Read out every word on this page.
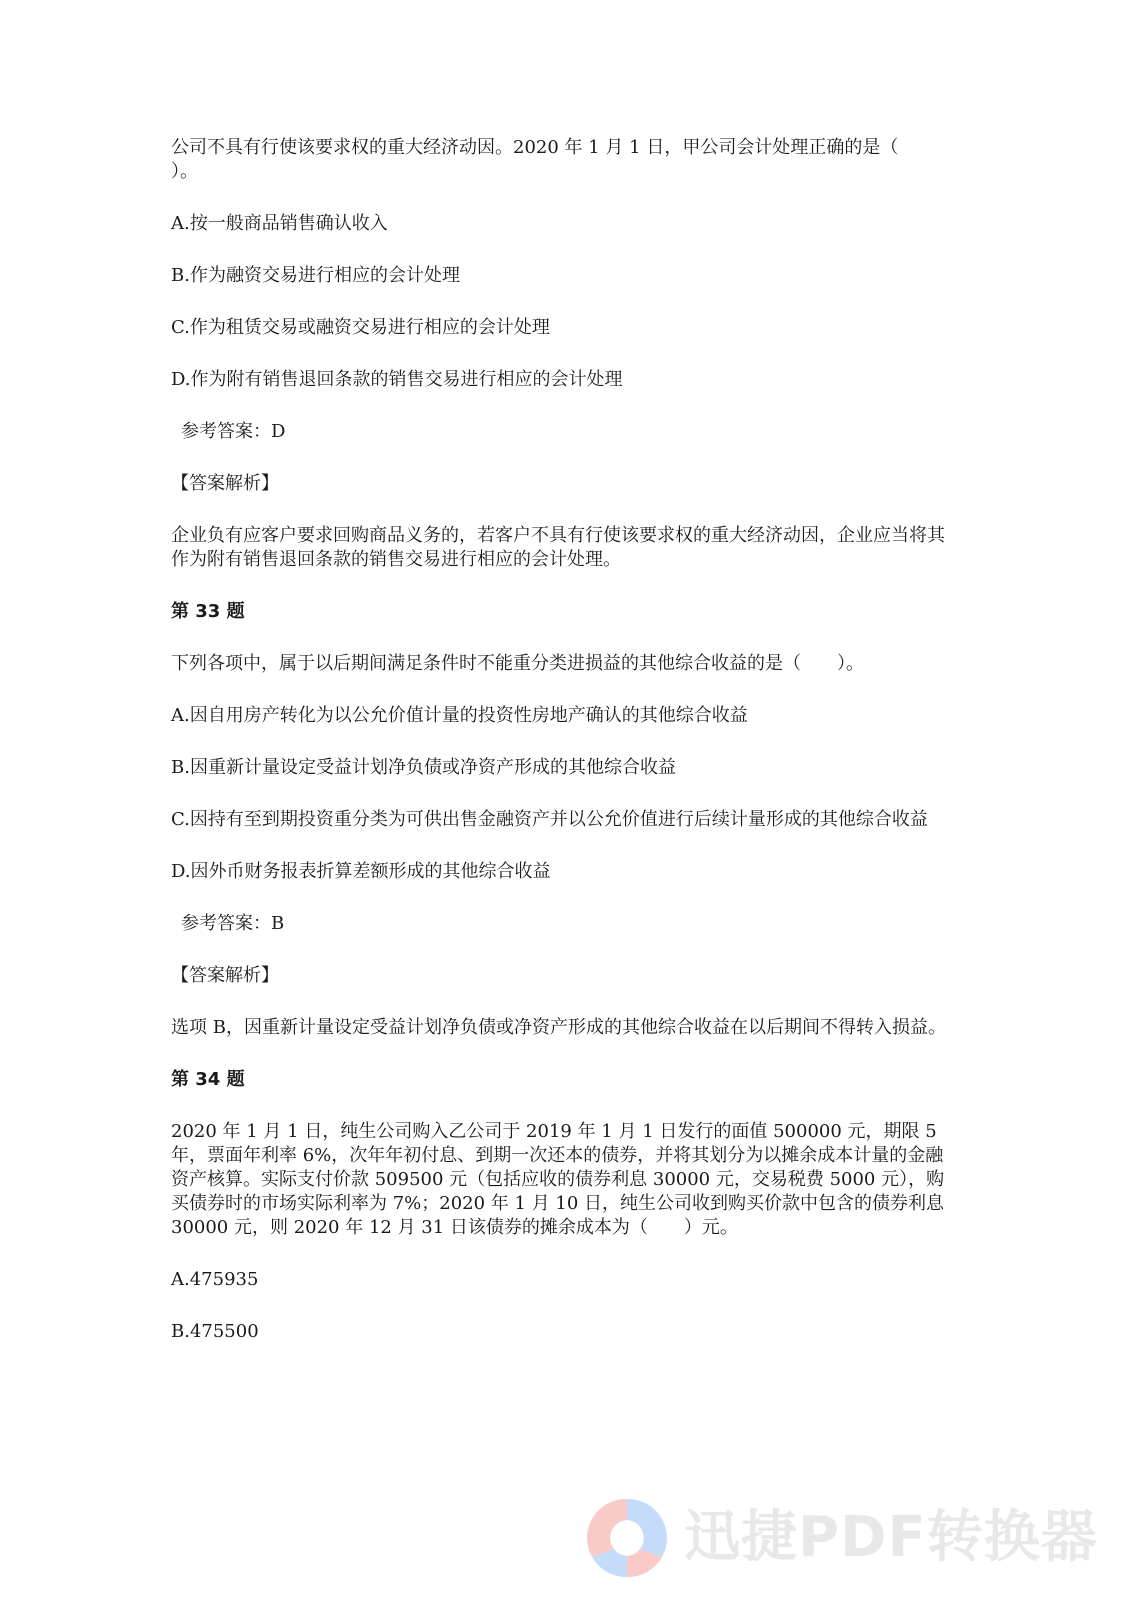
公司不具有行使该要求权的重大经济动因。2020 年 1 月 1 日，甲公司会计处理正确的是（　　）。

A.按一般商品销售确认收入

B.作为融资交易进行相应的会计处理

C.作为租赁交易或融资交易进行相应的会计处理

D.作为附有销售退回条款的销售交易进行相应的会计处理

参考答案：D

【答案解析】

企业负有应客户要求回购商品义务的，若客户不具有行使该要求权的重大经济动因，企业应当将其作为附有销售退回条款的销售交易进行相应的会计处理。

第 33 题

下列各项中，属于以后期间满足条件时不能重分类进损益的其他综合收益的是（　　）。

A.因自用房产转化为以公允价值计量的投资性房地产确认的其他综合收益

B.因重新计量设定受益计划净负债或净资产形成的其他综合收益

C.因持有至到期投资重分类为可供出售金融资产并以公允价值进行后续计量形成的其他综合收益

D.因外币财务报表折算差额形成的其他综合收益

参考答案：B

【答案解析】

选项 B，因重新计量设定受益计划净负债或净资产形成的其他综合收益在以后期间不得转入损益。

第 34 题

2020 年 1 月 1 日，纯生公司购入乙公司于 2019 年 1 月 1 日发行的面值 500000 元，期限 5 年，票面年利率 6%，次年年初付息、到期一次还本的债券，并将其划分为以摊余成本计量的金融资产核算。实际支付价款 509500 元（包括应收的债券利息 30000 元，交易税费 5000 元），购买债券时的市场实际利率为 7%；2020 年 1 月 10 日，纯生公司收到购买价款中包含的债券利息 30000 元，则 2020 年 12 月 31 日该债券的摊余成本为（　　）元。

A.475935

B.475500

迅捷PDF转换器
